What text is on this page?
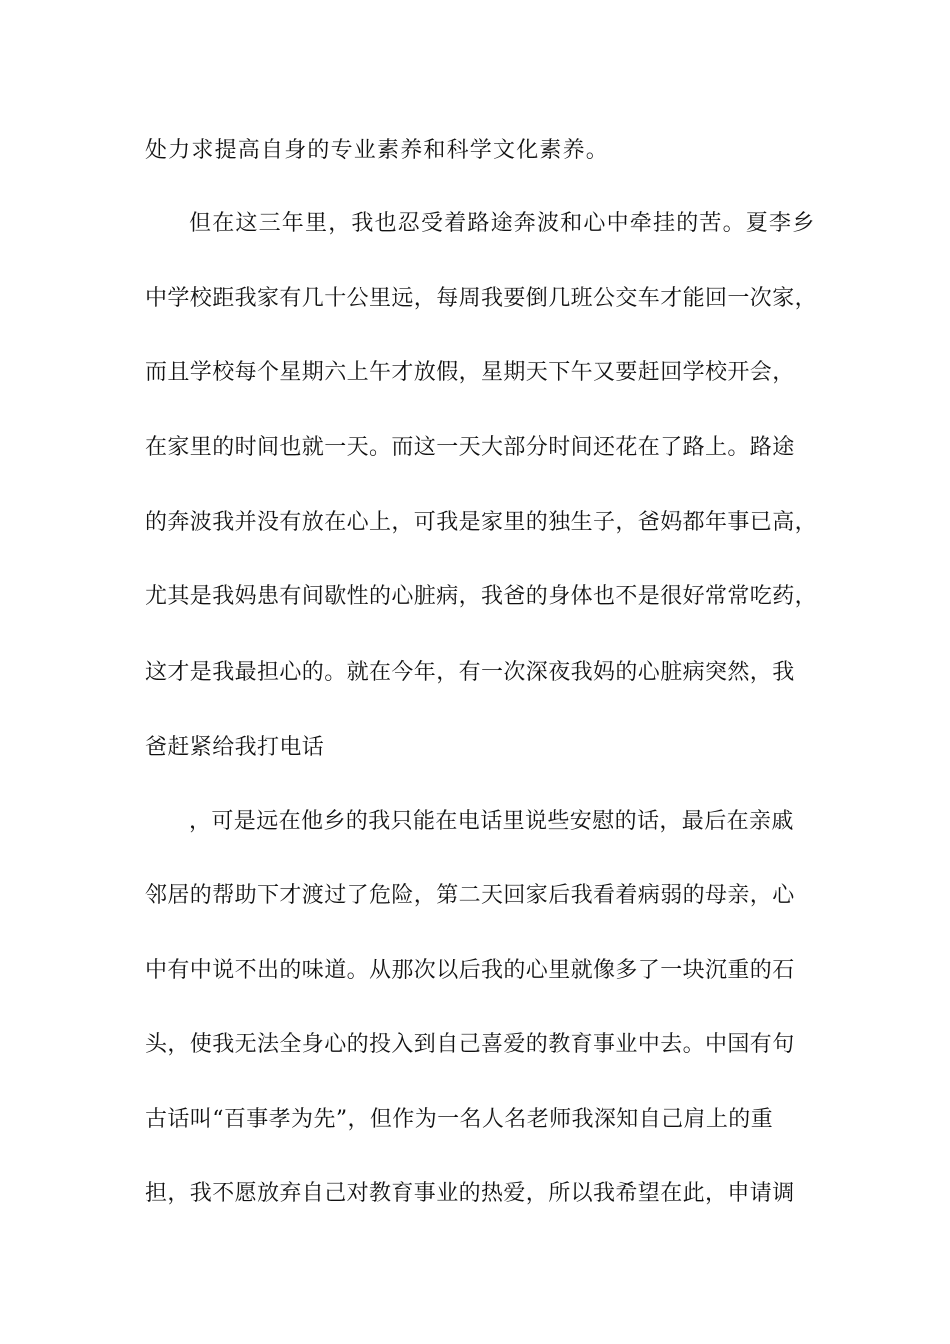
处力求提高自身的专业素养和科学文化素养。
但在这三年里，我也忍受着路途奔波和心中牵挂的苦。夏李乡
中学校距我家有几十公里远，每周我要倒几班公交车才能回一次家，
而且学校每个星期六上午才放假，星期天下午又要赶回学校开会，
在家里的时间也就一天。而这一天大部分时间还花在了路上。路途
的奔波我并没有放在心上，可我是家里的独生子，爸妈都年事已高，
尤其是我妈患有间歇性的心脏病，我爸的身体也不是很好常常吃药，
这才是我最担心的。就在今年，有一次深夜我妈的心脏病突然，我
爸赶紧给我打电话
，可是远在他乡的我只能在电话里说些安慰的话，最后在亲戚
邻居的帮助下才渡过了危险，第二天回家后我看着病弱的母亲，心
中有中说不出的味道。从那次以后我的心里就像多了一块沉重的石
头，使我无法全身心的投入到自己喜爱的教育事业中去。中国有句
古话叫“百事孝为先”，但作为一名人名老师我深知自己肩上的重
担，我不愿放弃自己对教育事业的热爱，所以我希望在此，申请调
